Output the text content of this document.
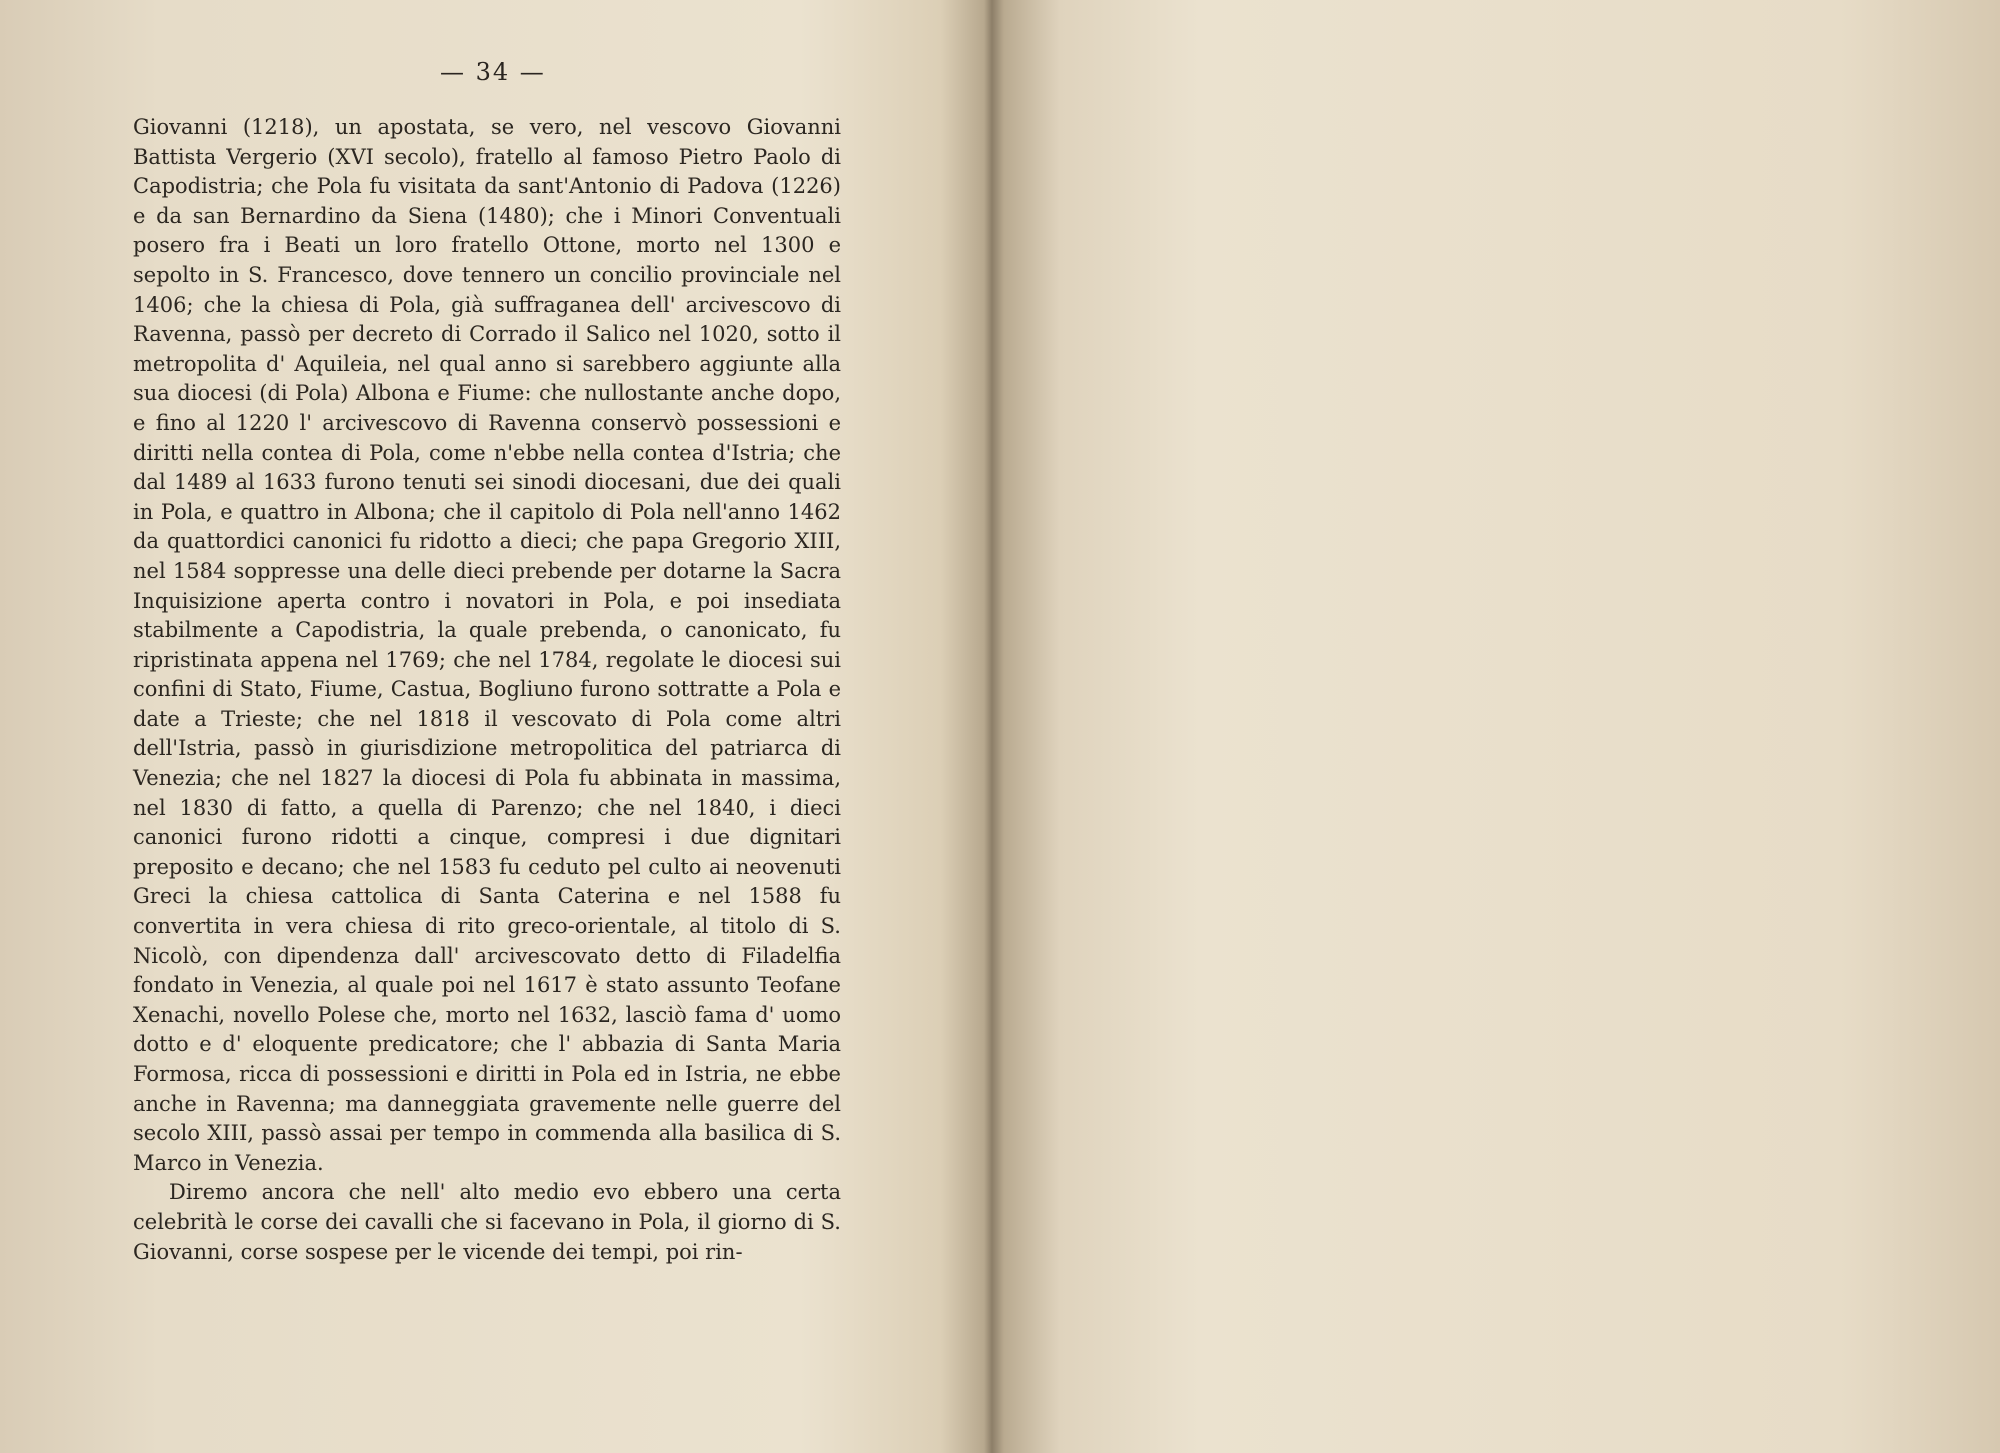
— 34 —

Giovanni (1218), un apostata, se vero, nel vescovo Giovanni Battista Vergerio (XVI secolo), fratello al famoso Pietro Paolo di Capodistria; che Pola fu visitata da sant'Antonio di Padova (1226) e da san Bernardino da Siena (1480); che i Minori Conventuali posero fra i Beati un loro fratello Ottone, morto nel 1300 e sepolto in S. Francesco, dove tennero un concilio provinciale nel 1406; che la chiesa di Pola, già suffraganea dell' arcivescovo di Ravenna, passò per decreto di Corrado il Salico nel 1020, sotto il metropolita d' Aquileia, nel qual anno si sarebbero aggiunte alla sua diocesi (di Pola) Albona e Fiume: che nullostante anche dopo, e fino al 1220 l' arcivescovo di Ravenna conservò possessioni e diritti nella contea di Pola, come n'ebbe nella contea d'Istria; che dal 1489 al 1633 furono tenuti sei sinodi diocesani, due dei quali in Pola, e quattro in Albona; che il capitolo di Pola nell'anno 1462 da quattordici canonici fu ridotto a dieci; che papa Gregorio XIII, nel 1584 soppresse una delle dieci prebende per dotarne la Sacra Inquisizione aperta contro i novatori in Pola, e poi insediata stabilmente a Capodistria, la quale prebenda, o canonicato, fu ripristinata appena nel 1769; che nel 1784, regolate le diocesi sui confini di Stato, Fiume, Castua, Bogliuno furono sottratte a Pola e date a Trieste; che nel 1818 il vescovato di Pola come altri dell'Istria, passò in giurisdizione metropolitica del patriarca di Venezia; che nel 1827 la diocesi di Pola fu abbinata in massima, nel 1830 di fatto, a quella di Parenzo; che nel 1840, i dieci canonici furono ridotti a cinque, compresi i due dignitari preposito e decano; che nel 1583 fu ceduto pel culto ai neovenuti Greci la chiesa cattolica di Santa Caterina e nel 1588 fu convertita in vera chiesa di rito greco-orientale, al titolo di S. Nicolò, con dipendenza dall' arcivescovato detto di Filadelfia fondato in Venezia, al quale poi nel 1617 è stato assunto Teofane Xenachi, novello Polese che, morto nel 1632, lasciò fama d' uomo dotto e d' eloquente predicatore; che l' abbazia di Santa Maria Formosa, ricca di possessioni e diritti in Pola ed in Istria, ne ebbe anche in Ravenna; ma danneggiata gravemente nelle guerre del secolo XIII, passò assai per tempo in commenda alla basilica di S. Marco in Venezia.

Diremo ancora che nell' alto medio evo ebbero una certa celebrità le corse dei cavalli che si facevano in Pola, il giorno di S. Giovanni, corse sospese per le vicende dei tempi, poi rin-
